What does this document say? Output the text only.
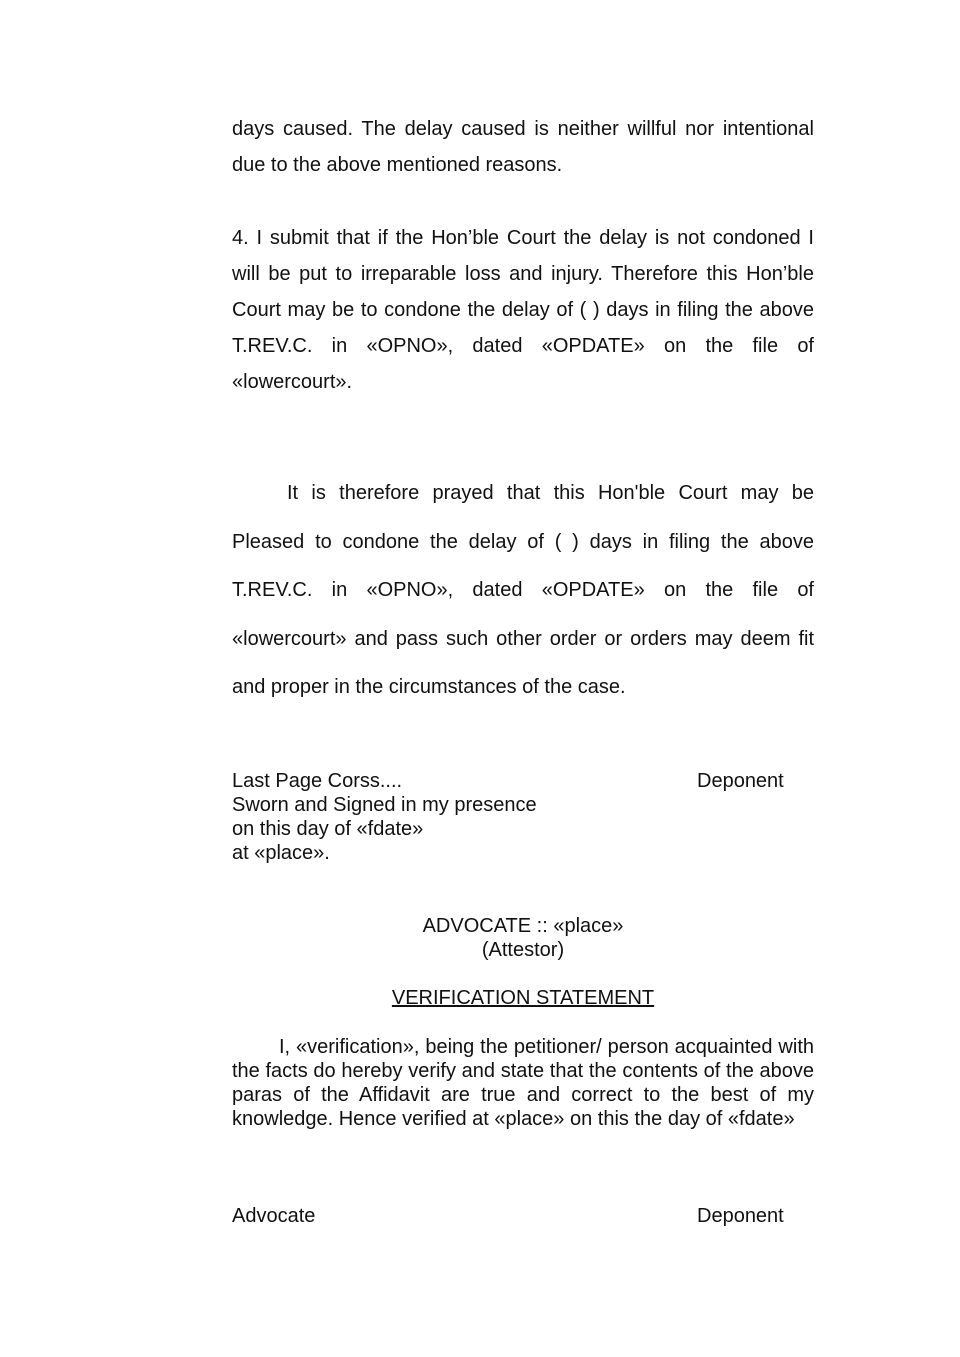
days caused. The delay caused is neither willful nor intentional due to the above mentioned reasons.

4. I submit that if the Hon’ble Court the delay is not condoned I will be put to irreparable loss and injury. Therefore this Hon’ble Court may be to condone the delay of ( ) days in filing the above T.REV.C. in «OPNO», dated «OPDATE» on the file of «lowercourt».

It is therefore prayed that this Hon'ble Court may be Pleased to condone the delay of ( ) days in filing the above T.REV.C. in «OPNO», dated «OPDATE» on the file of «lowercourt» and pass such other order or orders may deem fit and proper in the circumstances of the case.

Last Page Corss....	Deponent
Sworn and Signed in my presence
on this day of «fdate»
at «place».
ADVOCATE :: «place»
(Attestor)
VERIFICATION STATEMENT

I, «verification», being the petitioner/ person acquainted with the facts do hereby verify and state that the contents of the above paras of the Affidavit are true and correct to the best of my knowledge. Hence verified at «place» on this the day of «fdate»

Advocate	Deponent
